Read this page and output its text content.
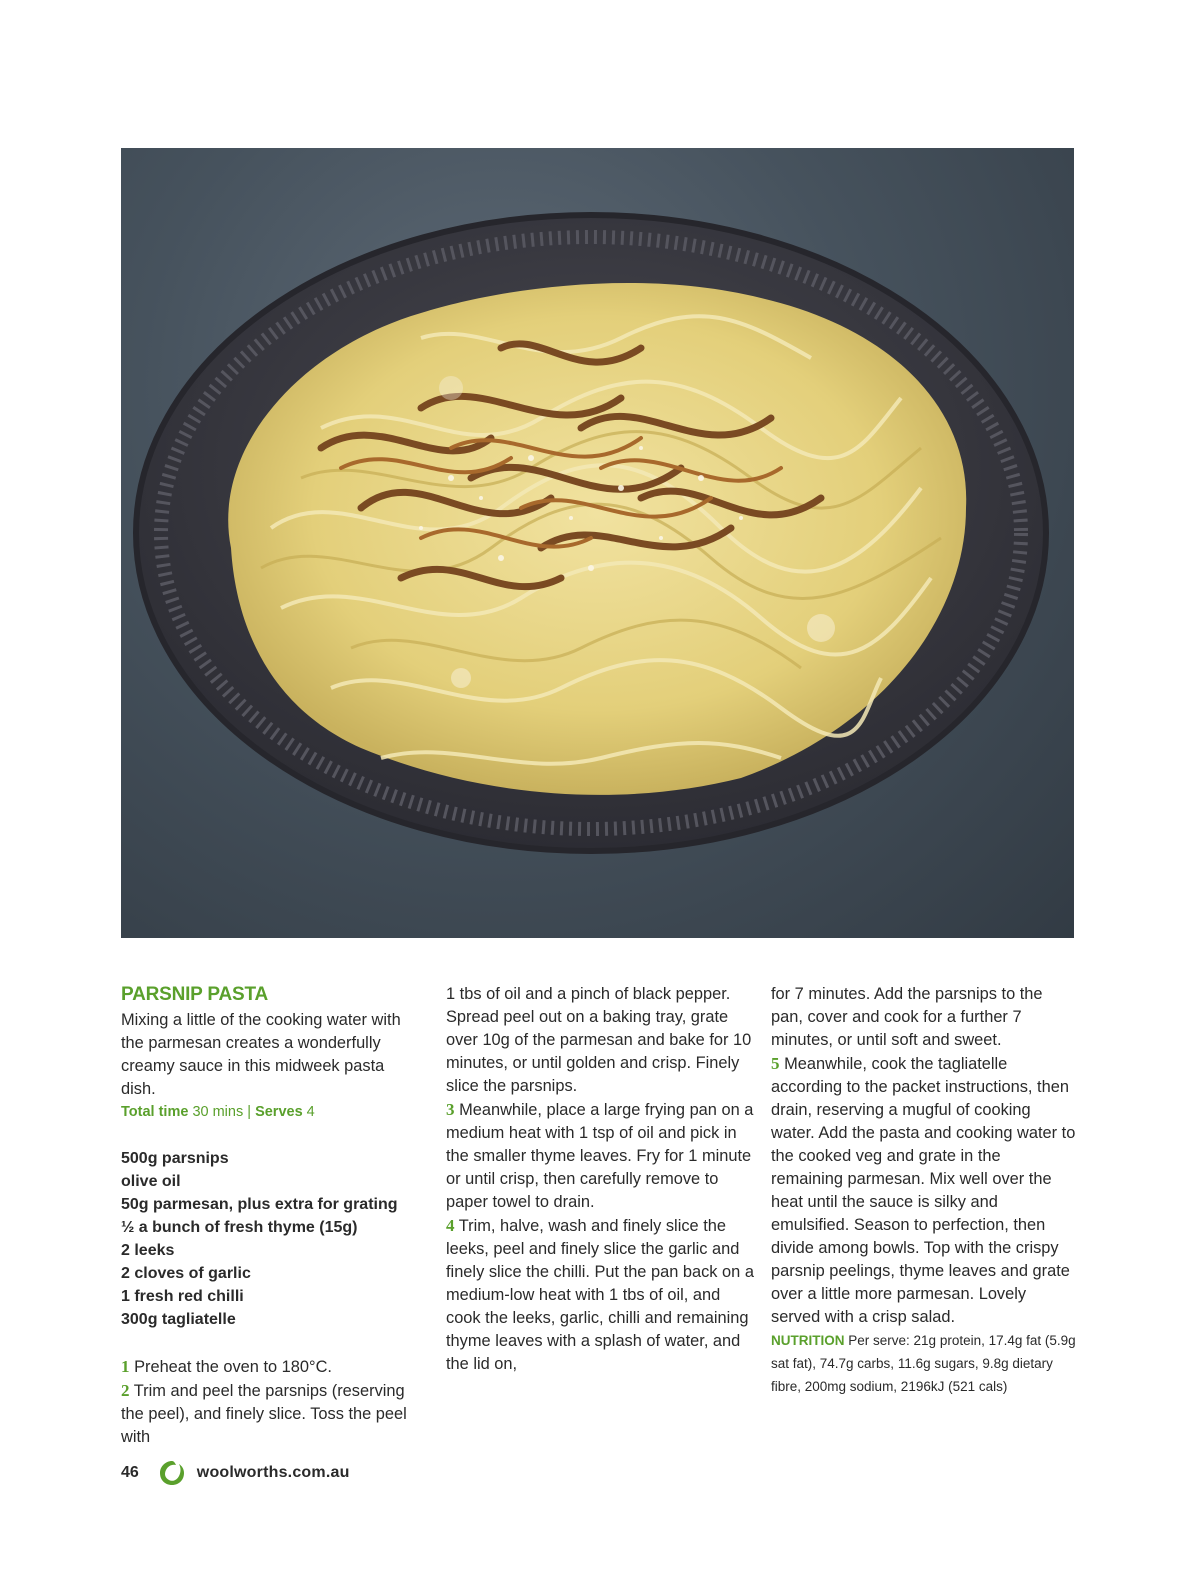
PARSNIP PASTA

Mixing a little of the cooking water with the parmesan creates a wonderfully creamy sauce in this midweek pasta dish.

Total time 30 mins | Serves 4

500g parsnips
olive oil
50g parmesan, plus extra for grating
½ a bunch of fresh thyme (15g)
2 leeks
2 cloves of garlic
1 fresh red chilli
300g tagliatelle

1 Preheat the oven to 180°C.

2 Trim and peel the parsnips (reserving the peel), and finely slice. Toss the peel with

1 tbs of oil and a pinch of black pepper. Spread peel out on a baking tray, grate over 10g of the parmesan and bake for 10 minutes, or until golden and crisp. Finely slice the parsnips.

3 Meanwhile, place a large frying pan on a medium heat with 1 tsp of oil and pick in the smaller thyme leaves. Fry for 1 minute or until crisp, then carefully remove to paper towel to drain.

4 Trim, halve, wash and finely slice the leeks, peel and finely slice the garlic and finely slice the chilli. Put the pan back on a medium-low heat with 1 tbs of oil, and cook the leeks, garlic, chilli and remaining thyme leaves with a splash of water, and the lid on,

for 7 minutes. Add the parsnips to the pan, cover and cook for a further 7 minutes, or until soft and sweet.

5 Meanwhile, cook the tagliatelle according to the packet instructions, then drain, reserving a mugful of cooking water. Add the pasta and cooking water to the cooked veg and grate in the remaining parmesan. Mix well over the heat until the sauce is silky and emulsified. Season to perfection, then divide among bowls. Top with the crispy parsnip peelings, thyme leaves and grate over a little more parmesan. Lovely served with a crisp salad.

NUTRITION Per serve: 21g protein, 17.4g fat (5.9g sat fat), 74.7g carbs, 11.6g sugars, 9.8g dietary fibre, 200mg sodium, 2196kJ (521 cals)

46	woolworths.com.au
